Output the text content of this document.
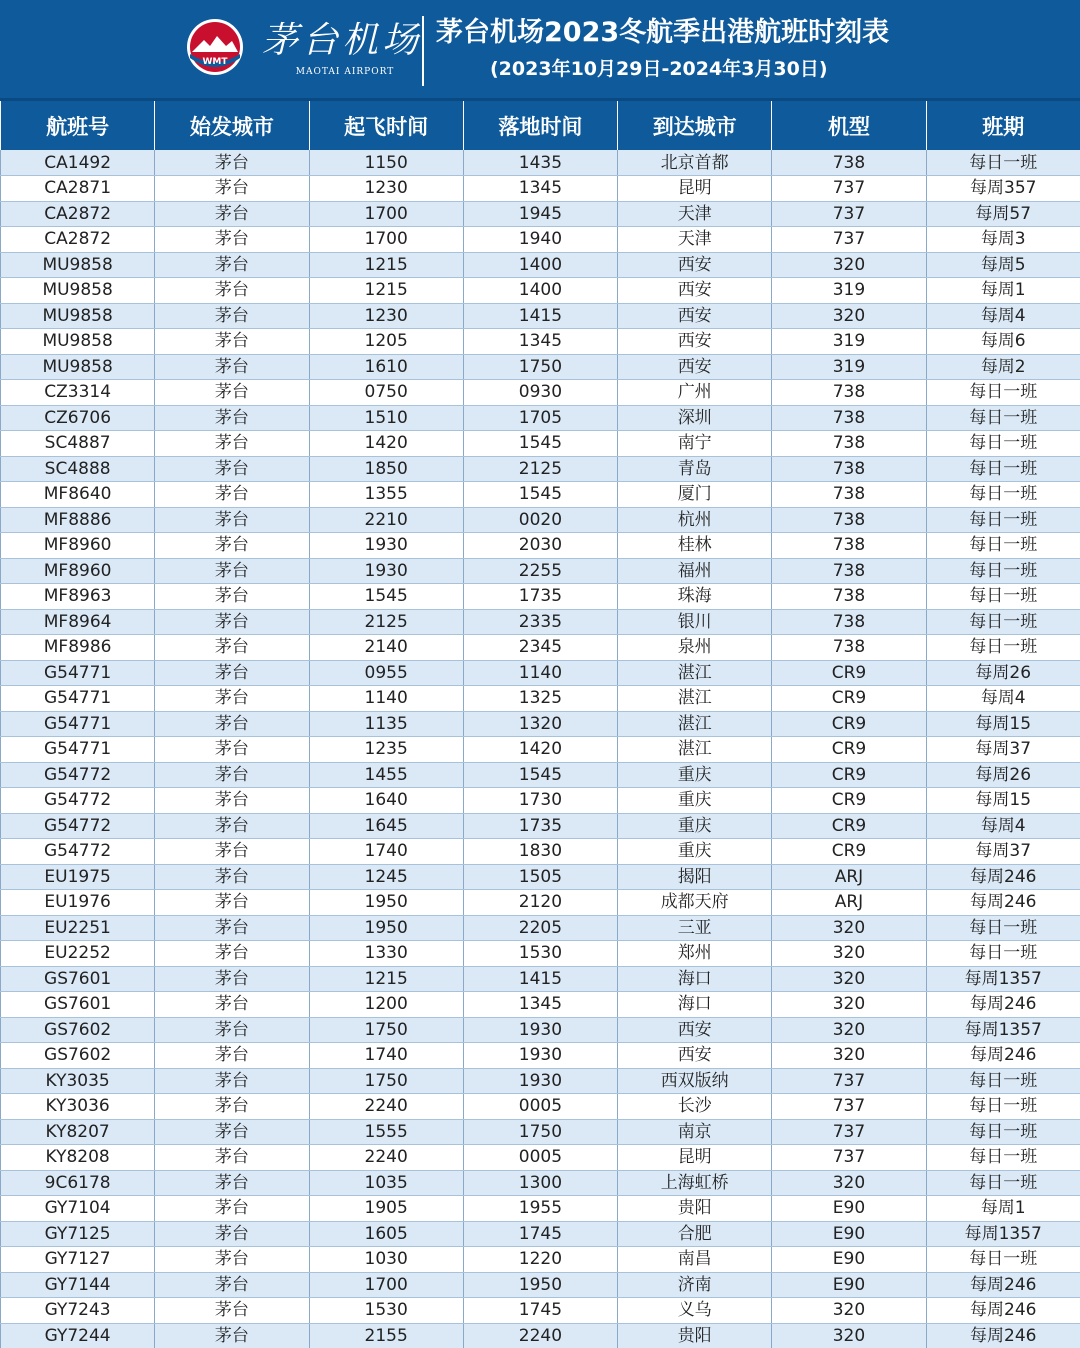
WMT
茅台机场
MAOTAI AIRPORT
茅台机场2023冬航季出港航班时刻表
(2023年10月29日-2024年3月30日)
航班号	始发城市	起飞时间	落地时间	到达城市	机型	班期
CA1492	茅台	1150	1435	北京首都	738	每日一班
CA2871	茅台	1230	1345	昆明	737	每周357
CA2872	茅台	1700	1945	天津	737	每周57
CA2872	茅台	1700	1940	天津	737	每周3
MU9858	茅台	1215	1400	西安	320	每周5
MU9858	茅台	1215	1400	西安	319	每周1
MU9858	茅台	1230	1415	西安	320	每周4
MU9858	茅台	1205	1345	西安	319	每周6
MU9858	茅台	1610	1750	西安	319	每周2
CZ3314	茅台	0750	0930	广州	738	每日一班
CZ6706	茅台	1510	1705	深圳	738	每日一班
SC4887	茅台	1420	1545	南宁	738	每日一班
SC4888	茅台	1850	2125	青岛	738	每日一班
MF8640	茅台	1355	1545	厦门	738	每日一班
MF8886	茅台	2210	0020	杭州	738	每日一班
MF8960	茅台	1930	2030	桂林	738	每日一班
MF8960	茅台	1930	2255	福州	738	每日一班
MF8963	茅台	1545	1735	珠海	738	每日一班
MF8964	茅台	2125	2335	银川	738	每日一班
MF8986	茅台	2140	2345	泉州	738	每日一班
G54771	茅台	0955	1140	湛江	CR9	每周26
G54771	茅台	1140	1325	湛江	CR9	每周4
G54771	茅台	1135	1320	湛江	CR9	每周15
G54771	茅台	1235	1420	湛江	CR9	每周37
G54772	茅台	1455	1545	重庆	CR9	每周26
G54772	茅台	1640	1730	重庆	CR9	每周15
G54772	茅台	1645	1735	重庆	CR9	每周4
G54772	茅台	1740	1830	重庆	CR9	每周37
EU1975	茅台	1245	1505	揭阳	ARJ	每周246
EU1976	茅台	1950	2120	成都天府	ARJ	每周246
EU2251	茅台	1950	2205	三亚	320	每日一班
EU2252	茅台	1330	1530	郑州	320	每日一班
GS7601	茅台	1215	1415	海口	320	每周1357
GS7601	茅台	1200	1345	海口	320	每周246
GS7602	茅台	1750	1930	西安	320	每周1357
GS7602	茅台	1740	1930	西安	320	每周246
KY3035	茅台	1750	1930	西双版纳	737	每日一班
KY3036	茅台	2240	0005	长沙	737	每日一班
KY8207	茅台	1555	1750	南京	737	每日一班
KY8208	茅台	2240	0005	昆明	737	每日一班
9C6178	茅台	1035	1300	上海虹桥	320	每日一班
GY7104	茅台	1905	1955	贵阳	E90	每周1
GY7125	茅台	1605	1745	合肥	E90	每周1357
GY7127	茅台	1030	1220	南昌	E90	每日一班
GY7144	茅台	1700	1950	济南	E90	每周246
GY7243	茅台	1530	1745	义乌	320	每周246
GY7244	茅台	2155	2240	贵阳	320	每周246
